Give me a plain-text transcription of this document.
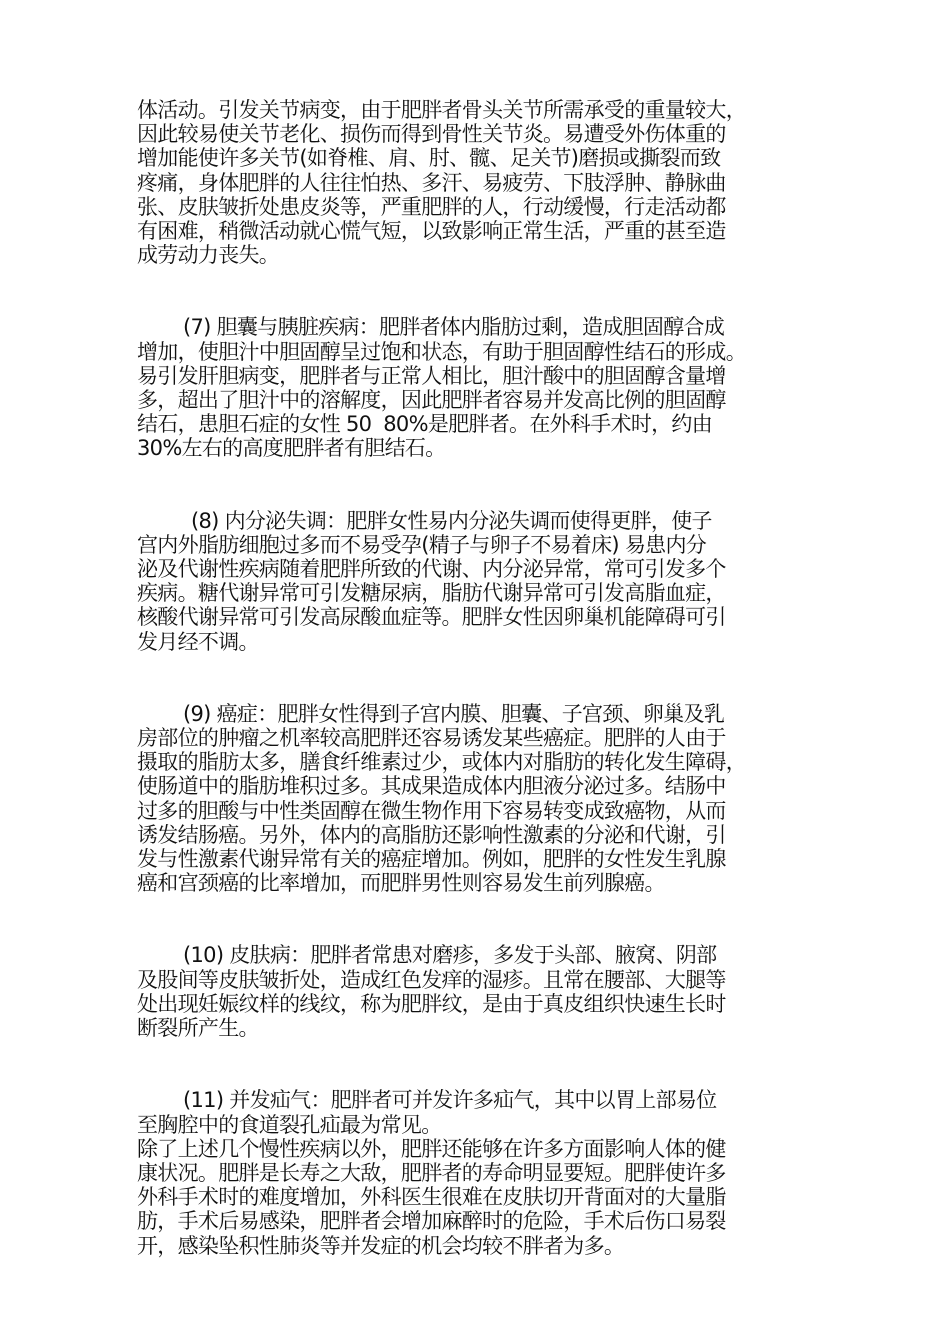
体活动。引发关节病变，由于肥胖者骨头关节所需承受的重量较大，
因此较易使关节老化、损伤而得到骨性关节炎。易遭受外伤体重的
增加能使许多关节(如脊椎、肩、肘、髋、足关节)磨损或撕裂而致
疼痛，身体肥胖的人往往怕热、多汗、易疲劳、下肢浮肿、静脉曲
张、皮肤皱折处患皮炎等，严重肥胖的人，行动缓慢，行走活动都
有困难，稍微活动就心慌气短，以致影响正常生活，严重的甚至造
成劳动力丧失。
(7) 胆囊与胰脏疾病：肥胖者体内脂肪过剩，造成胆固醇合成
增加，使胆汁中胆固醇呈过饱和状态，有助于胆固醇性结石的形成。
易引发肝胆病变，肥胖者与正常人相比，胆汁酸中的胆固醇含量增
多，超出了胆汁中的溶解度，因此肥胖者容易并发高比例的胆固醇
结石，患胆石症的女性 50  80%是肥胖者。在外科手术时，约由
30%左右的高度肥胖者有胆结石。
(8) 内分泌失调：肥胖女性易内分泌失调而使得更胖，使子
宫内外脂肪细胞过多而不易受孕(精子与卵子不易着床) 易患内分
泌及代谢性疾病随着肥胖所致的代谢、内分泌异常，常可引发多个
疾病。糖代谢异常可引发糖尿病，脂肪代谢异常可引发高脂血症，
核酸代谢异常可引发高尿酸血症等。肥胖女性因卵巢机能障碍可引
发月经不调。
(9) 癌症：肥胖女性得到子宫内膜、胆囊、子宫颈、卵巢及乳
房部位的肿瘤之机率较高肥胖还容易诱发某些癌症。肥胖的人由于
摄取的脂肪太多，膳食纤维素过少，或体内对脂肪的转化发生障碍，
使肠道中的脂肪堆积过多。其成果造成体内胆液分泌过多。结肠中
过多的胆酸与中性类固醇在微生物作用下容易转变成致癌物，从而
诱发结肠癌。另外，体内的高脂肪还影响性激素的分泌和代谢，引
发与性激素代谢异常有关的癌症增加。例如，肥胖的女性发生乳腺
癌和宫颈癌的比率增加，而肥胖男性则容易发生前列腺癌。
(10) 皮肤病：肥胖者常患对磨疹，多发于头部、腋窝、阴部
及股间等皮肤皱折处，造成红色发痒的湿疹。且常在腰部、大腿等
处出现妊娠纹样的线纹，称为肥胖纹，是由于真皮组织快速生长时
断裂所产生。
(11) 并发疝气：肥胖者可并发许多疝气，其中以胃上部易位
至胸腔中的食道裂孔疝最为常见。
除了上述几个慢性疾病以外，肥胖还能够在许多方面影响人体的健
康状况。肥胖是长寿之大敌，肥胖者的寿命明显要短。肥胖使许多
外科手术时的难度增加，外科医生很难在皮肤切开背面对的大量脂
肪，手术后易感染，肥胖者会增加麻醉时的危险，手术后伤口易裂
开，感染坠积性肺炎等并发症的机会均较不胖者为多。
